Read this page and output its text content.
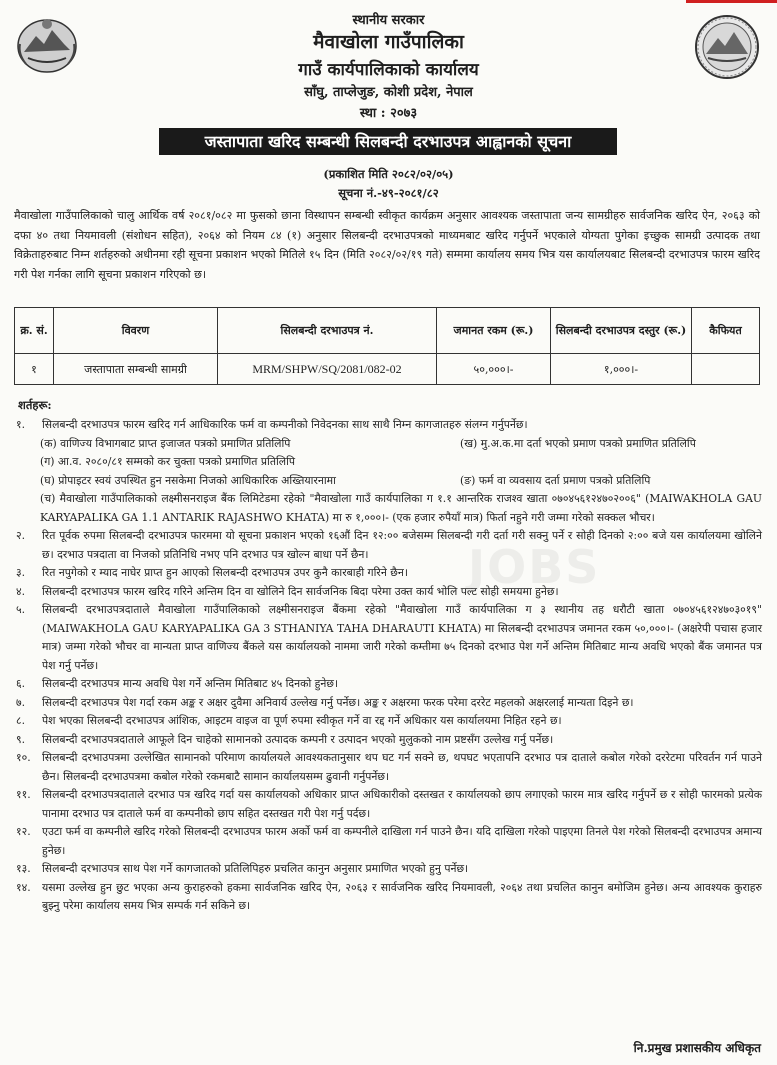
स्थानीय सरकार
मैवाखोला गाउँपालिका
गाउँ कार्यपालिकाको कार्यालय
साँघु, ताप्लेजुङ, कोशी प्रदेश, नेपाल
स्था : २०७३
जस्तापाता खरिद सम्बन्धी सिलबन्दी दरभाउपत्र आह्वानको सूचना
(प्रकाशित मिति २०८२/०२/०५)
सूचना नं.-४९-२०८१/८२
मैवाखोला गाउँपालिकाको चालु आर्थिक वर्ष २०८१/०८२ मा फुसको छाना विस्थापन सम्बन्धी स्वीकृत कार्यक्रम अनुसार आवश्यक जस्तापाता जन्य सामग्रीहरु सार्वजनिक खरिद ऐन, २०६३ को दफा ४० तथा नियमावली (संशोधन सहित), २०६४ को नियम ८४ (१) अनुसार सिलबन्दी दरभाउपत्रको माध्यमबाट खरिद गर्नुपर्ने भएकाले योग्यता पुगेका इच्छुक सामग्री उत्पादक तथा विक्रेताहरुबाट निम्न शर्तहरुको अधीनमा रही सूचना प्रकाशन भएको मितिले १५ दिन (मिति २०८२/०२/१९ गते) सम्ममा कार्यालय समय भित्र यस कार्यालयबाट सिलबन्दी दरभाउपत्र फारम खरिद गरी पेश गर्नका लागि सूचना प्रकाशन गरिएको छ।
क्र. सं.	विवरण	सिलबन्दी दरभाउपत्र नं.	जमानत रकम (रू.)	सिलबन्दी दरभाउपत्र दस्तुर (रू.)	कैफियत
१	जस्तापाता सम्बन्धी सामग्री	MRM/SHPW/SQ/2081/082-02	५०,०००।-	१,०००।-	
शर्तहरू:
१.	सिलबन्दी दरभाउपत्र फारम खरिद गर्न आधिकारिक फर्म वा कम्पनीको निवेदनका साथ साथै निम्न कागजातहरु संलग्न गर्नुपर्नेछ।
(क) वाणिज्य विभागबाट प्राप्त इजाजत पत्रको प्रमाणित प्रतिलिपि	(ख) मु.अ.क.मा दर्ता भएको प्रमाण पत्रको प्रमाणित प्रतिलिपि
(ग) आ.व. २०८०/८१ सम्मको कर चुक्ता पत्रको प्रमाणित प्रतिलिपि
(घ) प्रोपाइटर स्वयं उपस्थित हुन नसकेमा निजको आधिकारिक अख्तियारनामा	(ङ) फर्म वा व्यवसाय दर्ता प्रमाण पत्रको प्रतिलिपि
(च) मैवाखोला गाउँपालिकाको लक्ष्मीसनराइज बैंक लिमिटेडमा रहेको "मैवाखोला गाउँ कार्यपालिका ग १.१ आन्तरिक राजश्व खाता ०७०४५६१२४७०२००६" (MAIWAKHOLA GAU KARYAPALIKA GA 1.1 ANTARIK RAJASHWO KHATA) मा रु १,०००।- (एक हजार रुपैयाँ मात्र) फिर्ता नहुने गरी जम्मा गरेको सक्कल भौचर।
२.	रित पूर्वक रुपमा सिलबन्दी दरभाउपत्र फारममा यो सूचना प्रकाशन भएको १६औं दिन १२:०० बजेसम्म सिलबन्दी गरी दर्ता गरी सक्नु पर्ने र सोही दिनको २:०० बजे यस कार्यालयमा खोलिने छ। दरभाउ पत्रदाता वा निजको प्रतिनिधि नभए पनि दरभाउ पत्र खोल्न बाधा पर्ने छैन।
३.	रित नपुगेको र म्याद नाघेर प्राप्त हुन आएको सिलबन्दी दरभाउपत्र उपर कुनै कारबाही गरिने छैन।
४.	सिलबन्दी दरभाउपत्र फारम खरिद गरिने अन्तिम दिन वा खोलिने दिन सार्वजनिक बिदा परेमा उक्त कार्य भोलि पल्ट सोही समयमा हुनेछ।
५.	सिलबन्दी दरभाउपत्रदाताले मैवाखोला गाउँपालिकाको लक्ष्मीसनराइज बैंकमा रहेको "मैवाखोला गाउँ कार्यपालिका ग ३ स्थानीय तह धरौटी खाता ०७०४५६१२४७०३०१९" (MAIWAKHOLA GAU KARYAPALIKA GA 3 STHANIYA TAHA DHARAUTI KHATA) मा सिलबन्दी दरभाउपत्र जमानत रकम ५०,०००।- (अक्षरेपी पचास हजार मात्र) जम्मा गरेको भौचर वा मान्यता प्राप्त वाणिज्य बैंकले यस कार्यालयको नाममा जारी गरेको कम्तीमा ७५ दिनको दरभाउ पेश गर्ने अन्तिम मितिबाट मान्य अवधि भएको बैंक जमानत पत्र पेश गर्नु पर्नेछ।
६.	सिलबन्दी दरभाउपत्र मान्य अवधि पेश गर्ने अन्तिम मितिबाट ४५ दिनको हुनेछ।
७.	सिलबन्दी दरभाउपत्र पेश गर्दा रकम अङ्क र अक्षर दुवैमा अनिवार्य उल्लेख गर्नु पर्नेछ। अङ्क र अक्षरमा फरक परेमा दररेट महलको अक्षरलाई मान्यता दिइने छ।
८.	पेश भएका सिलबन्दी दरभाउपत्र आंशिक, आइटम वाइज वा पूर्ण रुपमा स्वीकृत गर्ने वा रद्द गर्ने अधिकार यस कार्यालयमा निहित रहने छ।
९.	सिलबन्दी दरभाउपत्रदाताले आफूले दिन चाहेको सामानको उत्पादक कम्पनी र उत्पादन भएको मुलुकको नाम प्रष्टसँग उल्लेख गर्नु पर्नेछ।
१०.	सिलबन्दी दरभाउपत्रमा उल्लेखित सामानको परिमाण कार्यालयले आवश्यकतानुसार थप घट गर्न सक्ने छ, थपघट भएतापनि दरभाउ पत्र दाताले कबोल गरेको दररेटमा परिवर्तन गर्न पाउने छैन। सिलबन्दी दरभाउपत्रमा कबोल गरेको रकमबाटै सामान कार्यालयसम्म ढुवानी गर्नुपर्नेछ।
११.	सिलबन्दी दरभाउपत्रदाताले दरभाउ पत्र खरिद गर्दा यस कार्यालयको अधिकार प्राप्त अधिकारीको दस्तखत र कार्यालयको छाप लगाएको फारम मात्र खरिद गर्नुपर्ने छ र सोही फारमको प्रत्येक पानामा दरभाउ पत्र दाताले फर्म वा कम्पनीको छाप सहित दस्तखत गरी पेश गर्नु पर्दछ।
१२.	एउटा फर्म वा कम्पनीले खरिद गरेको सिलबन्दी दरभाउपत्र फारम अर्को फर्म वा कम्पनीले दाखिला गर्न पाउने छैन। यदि दाखिला गरेको पाइएमा तिनले पेश गरेको सिलबन्दी दरभाउपत्र अमान्य हुनेछ।
१३.	सिलबन्दी दरभाउपत्र साथ पेश गर्ने कागजातको प्रतिलिपिहरु प्रचलित कानुन अनुसार प्रमाणित भएको हुनु पर्नेछ।
१४.	यसमा उल्लेख हुन छुट भएका अन्य कुराहरुको हकमा सार्वजनिक खरिद ऐन, २०६३ र सार्वजनिक खरिद नियमावली, २०६४ तथा प्रचलित कानुन बमोजिम हुनेछ। अन्य आवश्यक कुराहरु बुझ्नु परेमा कार्यालय समय भित्र सम्पर्क गर्न सकिने छ।
JOBS
नि.प्रमुख प्रशासकीय अधिकृत
